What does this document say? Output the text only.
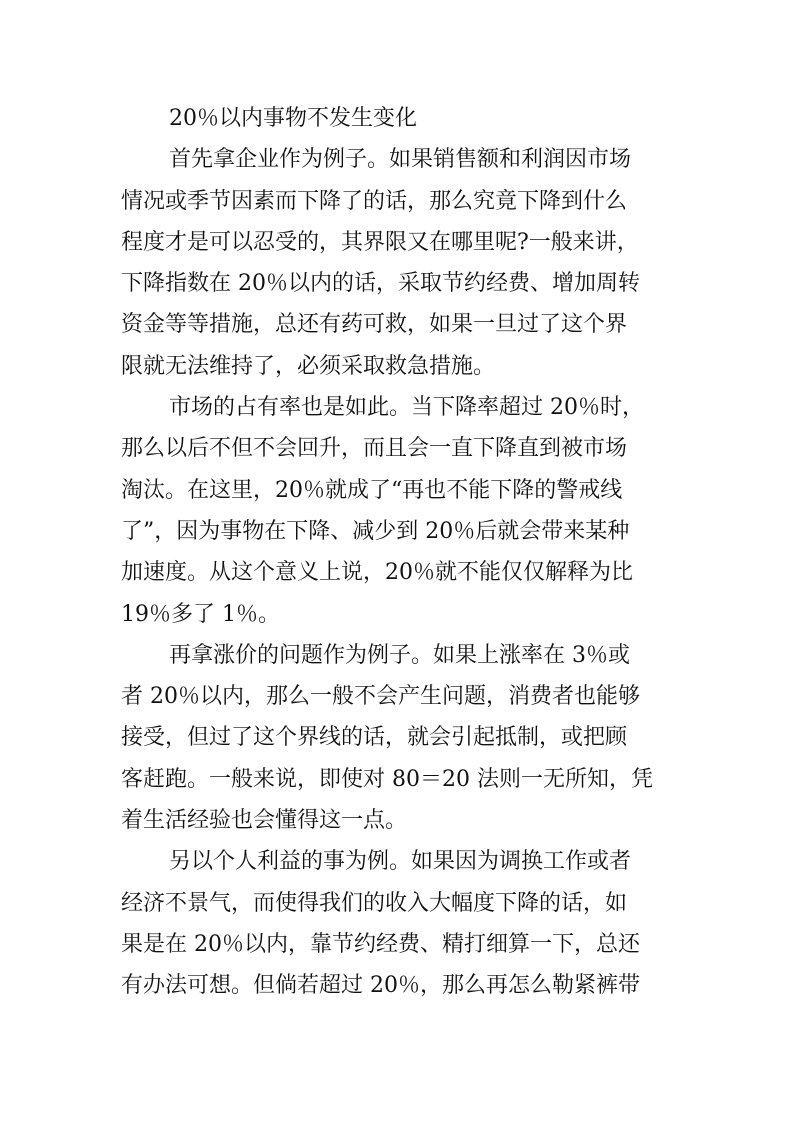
20％以内事物不发生变化
首先拿企业作为例子。如果销售额和利润因市场
情况或季节因素而下降了的话，那么究竟下降到什么
程度才是可以忍受的，其界限又在哪里呢?一般来讲，
下降指数在 20％以内的话，采取节约经费、增加周转
资金等等措施，总还有药可救，如果一旦过了这个界
限就无法维持了，必须采取救急措施。
市场的占有率也是如此。当下降率超过 20％时，
那么以后不但不会回升，而且会一直下降直到被市场
淘汰。在这里，20％就成了“再也不能下降的警戒线
了”，因为事物在下降、减少到 20％后就会带来某种
加速度。从这个意义上说，20％就不能仅仅解释为比
19％多了 1％。
再拿涨价的问题作为例子。如果上涨率在 3％或
者 20％以内，那么一般不会产生问题，消费者也能够
接受，但过了这个界线的话，就会引起抵制，或把顾
客赶跑。一般来说，即使对 80＝20 法则一无所知，凭
着生活经验也会懂得这一点。
另以个人利益的事为例。如果因为调换工作或者
经济不景气，而使得我们的收入大幅度下降的话，如
果是在 20％以内，靠节约经费、精打细算一下，总还
有办法可想。但倘若超过 20％，那么再怎么勒紧裤带
